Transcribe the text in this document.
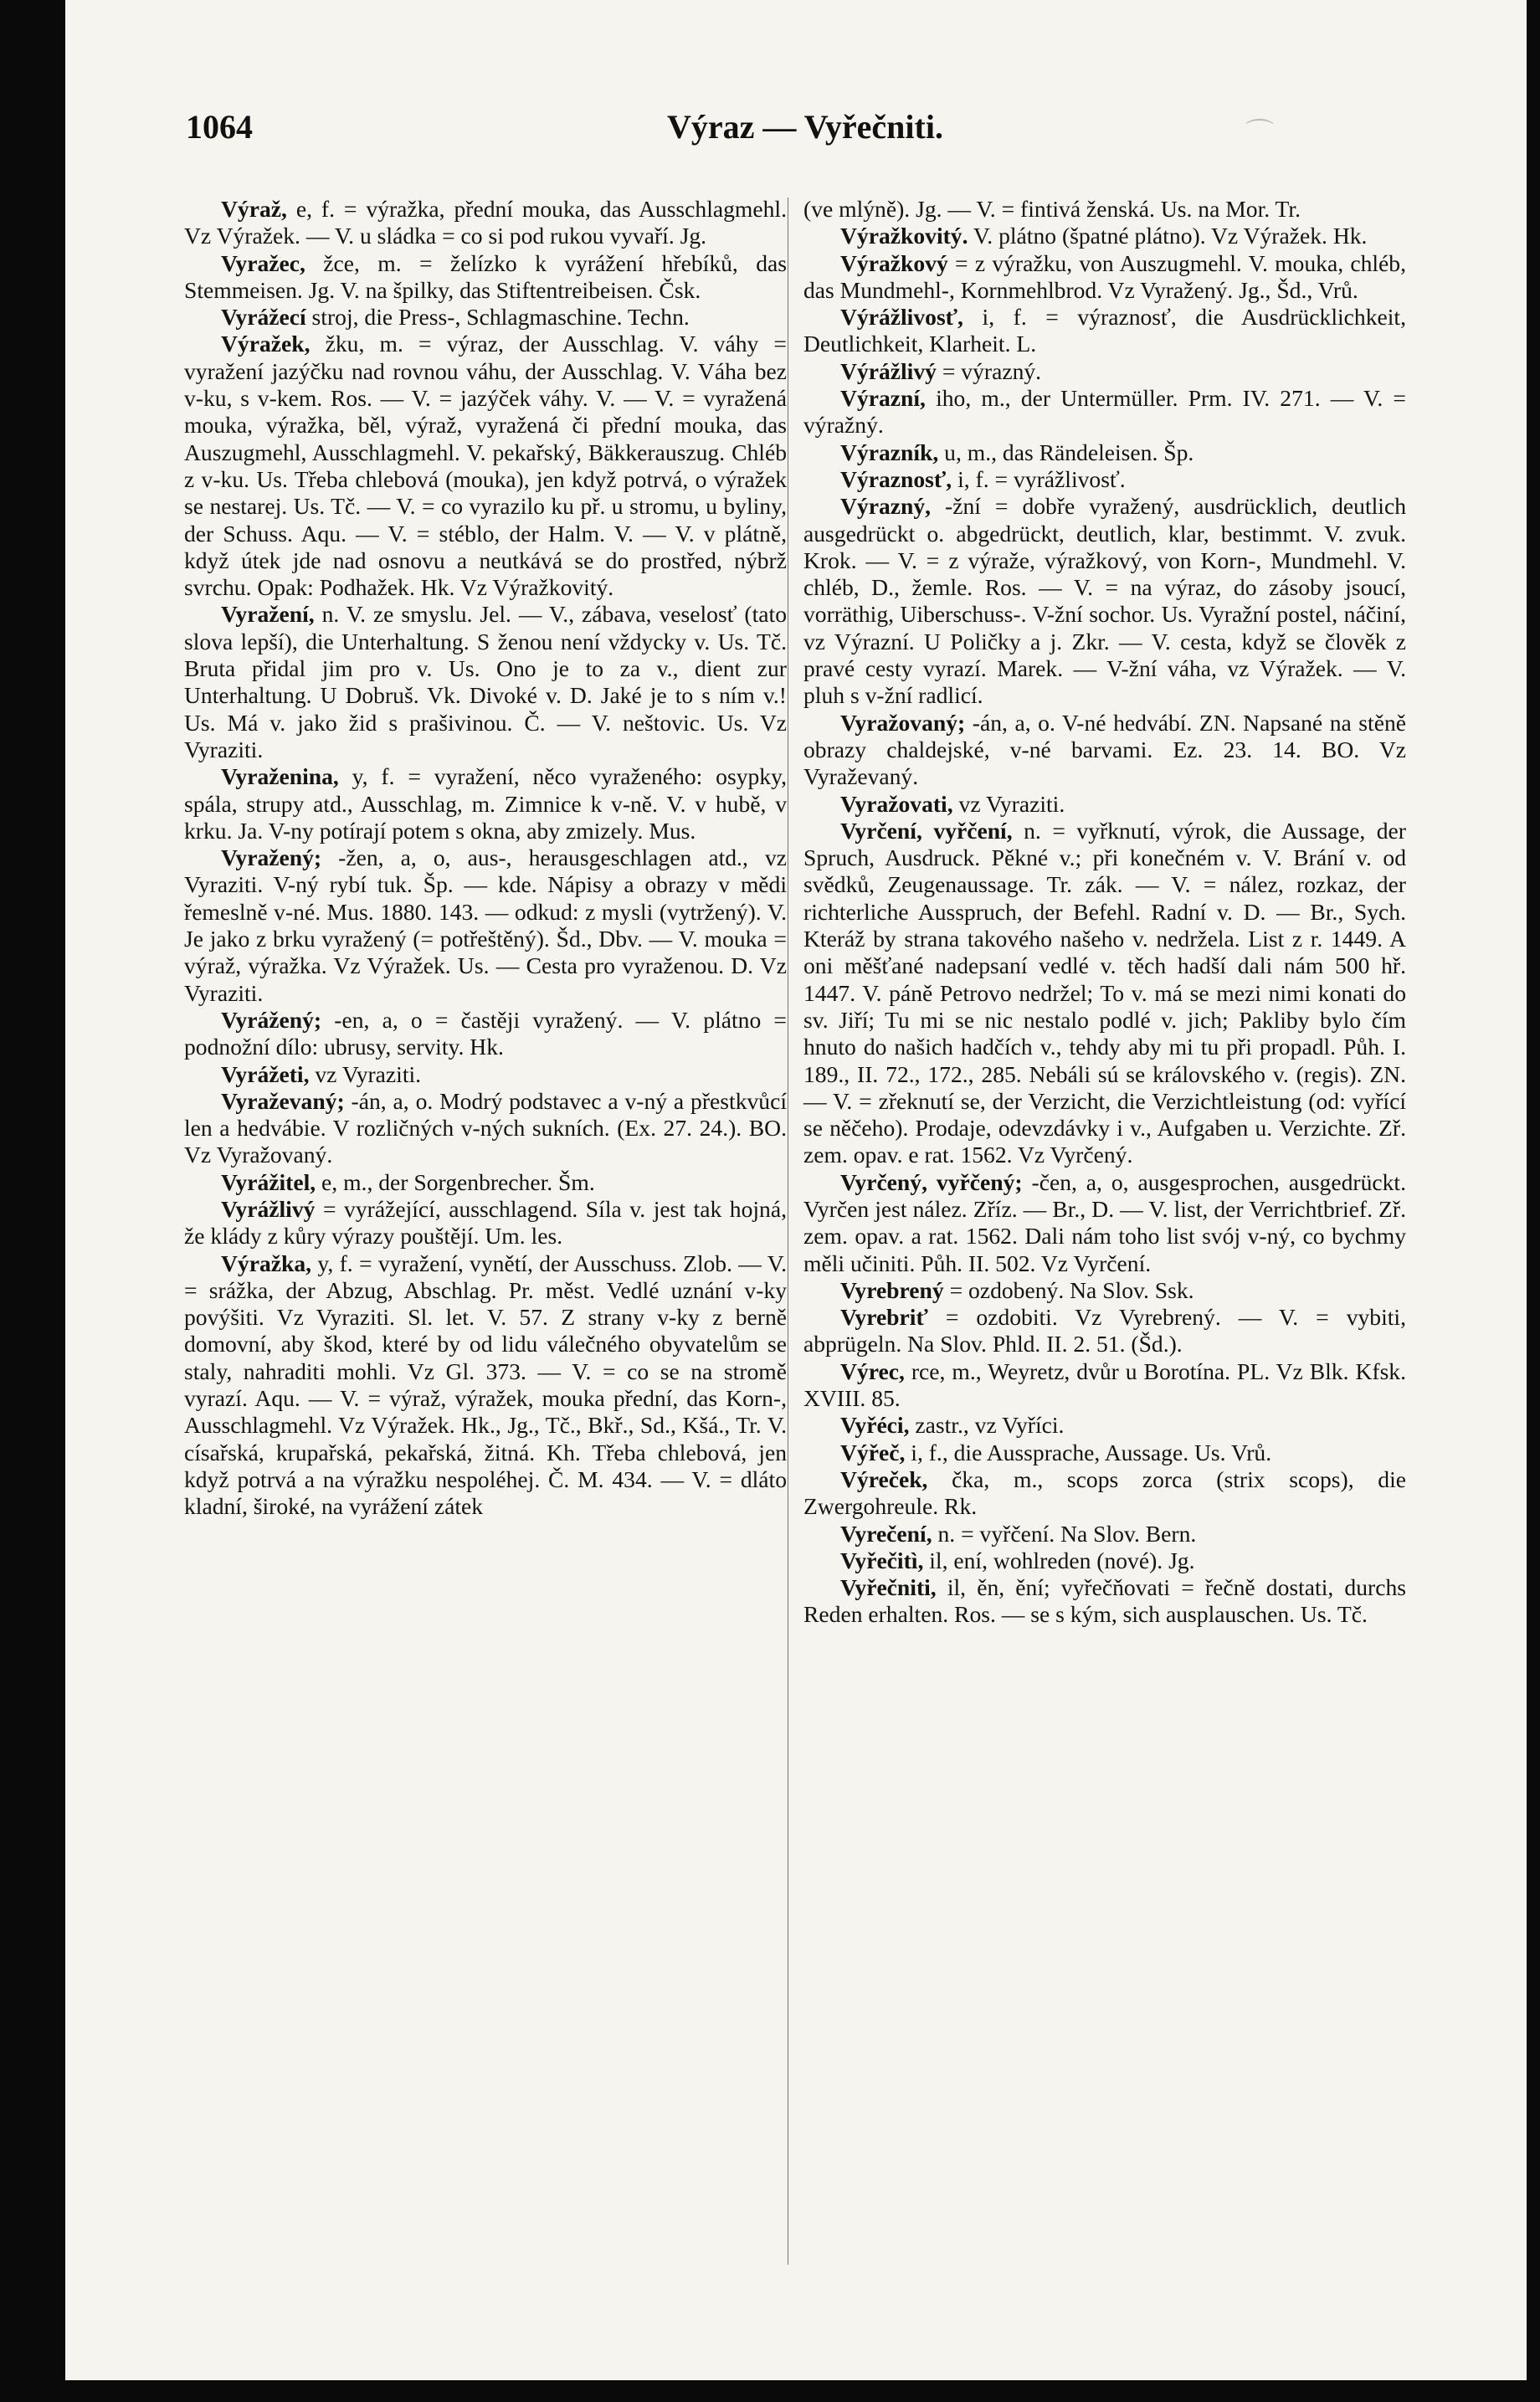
Výraz — Vyřečniti.
1064	⌒

Výraž, e, f. = výražka, přední mouka, das Ausschlagmehl. Vz Výražek. — V. u sládka = co si pod rukou vyvaří. Jg.

Vyražec, žce, m. = želízko k vyrážení hřebíků, das Stemmeisen. Jg. V. na špilky, das Stiftentreibeisen. Čsk.

Vyrážecí stroj, die Press-, Schlagmaschine. Techn.

Výražek, žku, m. = výraz, der Ausschlag. V. váhy = vyražení jazýčku nad rovnou váhu, der Ausschlag. V. Váha bez v-ku, s v-kem. Ros. — V. = jazýček váhy. V. — V. = vyražená mouka, výražka, běl, výraž, vyražená či přední mouka, das Auszugmehl, Ausschlagmehl. V. pekařský, Bäkkerauszug. Chléb z v-ku. Us. Třeba chlebová (mouka), jen když potrvá, o výražek se nestarej. Us. Tč. — V. = co vyrazilo ku př. u stromu, u byliny, der Schuss. Aqu. — V. = stéblo, der Halm. V. — V. v plátně, když útek jde nad osnovu a neutkává se do prostřed, nýbrž svrchu. Opak: Podhažek. Hk. Vz Výražkovitý.

Vyražení, n. V. ze smyslu. Jel. — V., zábava, veselosť (tato slova lepší), die Unterhaltung. S ženou není vždycky v. Us. Tč. Bruta přidal jim pro v. Us. Ono je to za v., dient zur Unterhaltung. U Dobruš. Vk. Divoké v. D. Jaké je to s ním v.! Us. Má v. jako žid s prašivinou. Č. — V. neštovic. Us. Vz Vyraziti.

Vyraženina, y, f. = vyražení, něco vyraženého: osypky, spála, strupy atd., Ausschlag, m. Zimnice k v-ně. V. v hubě, v krku. Ja. V-ny potírají potem s okna, aby zmizely. Mus.

Vyražený; -žen, a, o, aus-, herausgeschlagen atd., vz Vyraziti. V-ný rybí tuk. Šp. — kde. Nápisy a obrazy v mědi řemeslně v-né. Mus. 1880. 143. — odkud: z mysli (vytržený). V. Je jako z brku vyražený (= potřeštěný). Šd., Dbv. — V. mouka = výraž, výražka. Vz Výražek. Us. — Cesta pro vyraženou. D. Vz Vyraziti.

Vyrážený; -en, a, o = častěji vyražený. — V. plátno = podnožní dílo: ubrusy, servity. Hk.

Vyrážeti, vz Vyraziti.

Vyraževaný; -án, a, o. Modrý podstavec a v-ný a přestkvůcí len a hedvábie. V rozličných v-ných sukních. (Ex. 27. 24.). BO. Vz Vyražovaný.

Vyrážitel, e, m., der Sorgenbrecher. Šm.

Vyrážlivý = vyrážející, ausschlagend. Síla v. jest tak hojná, že klády z kůry výrazy pouštějí. Um. les.

Výražka, y, f. = vyražení, vynětí, der Ausschuss. Zlob. — V. = srážka, der Abzug, Abschlag. Pr. měst. Vedlé uznání v-ky povýšiti. Vz Vyraziti. Sl. let. V. 57. Z strany v-ky z berně domovní, aby škod, které by od lidu válečného obyvatelům se staly, nahraditi mohli. Vz Gl. 373. — V. = co se na stromě vyrazí. Aqu. — V. = výraž, výražek, mouka přední, das Korn-, Ausschlagmehl. Vz Výražek. Hk., Jg., Tč., Bkř., Sd., Kšá., Tr. V. císařská, krupařská, pekařská, žitná. Kh. Třeba chlebová, jen když potrvá a na výražku nespoléhej. Č. M. 434. — V. = dláto kladní, široké, na vyrážení zátek

(ve mlýně). Jg. — V. = fintivá ženská. Us. na Mor. Tr.

Výražkovitý. V. plátno (špatné plátno). Vz Výražek. Hk.

Výražkový = z výražku, von Auszugmehl. V. mouka, chléb, das Mundmehl-, Kornmehlbrod. Vz Vyražený. Jg., Šd., Vrů.

Výrážlivosť, i, f. = výraznosť, die Ausdrücklichkeit, Deutlichkeit, Klarheit. L.

Výrážlivý = výrazný.

Výrazní, iho, m., der Untermüller. Prm. IV. 271. — V. = výražný.

Výrazník, u, m., das Rändeleisen. Šp.

Výraznosť, i, f. = vyrážlivosť.

Výrazný, -žní = dobře vyražený, ausdrücklich, deutlich ausgedrückt o. abgedrückt, deutlich, klar, bestimmt. V. zvuk. Krok. — V. = z výraže, výražkový, von Korn-, Mundmehl. V. chléb, D., žemle. Ros. — V. = na výraz, do zásoby jsoucí, vorräthig, Uiberschuss-. V-žní sochor. Us. Vyražní postel, náčiní, vz Výrazní. U Poličky a j. Zkr. — V. cesta, když se člověk z pravé cesty vyrazí. Marek. — V-žní váha, vz Výražek. — V. pluh s v-žní radlicí.

Vyražovaný; -án, a, o. V-né hedvábí. ZN. Napsané na stěně obrazy chaldejské, v-né barvami. Ez. 23. 14. BO. Vz Vyraževaný.

Vyražovati, vz Vyraziti.

Vyrčení, vyřčení, n. = vyřknutí, výrok, die Aussage, der Spruch, Ausdruck. Pěkné v.; při konečném v. V. Brání v. od svědků, Zeugenaussage. Tr. zák. — V. = nález, rozkaz, der richterliche Ausspruch, der Befehl. Radní v. D. — Br., Sych. Kteráž by strana takového našeho v. nedržela. List z r. 1449. A oni měšťané nadepsaní vedlé v. těch hadší dali nám 500 hř. 1447. V. páně Petrovo nedržel; To v. má se mezi nimi konati do sv. Jiří; Tu mi se nic nestalo podlé v. jich; Pakliby bylo čím hnuto do našich hadčích v., tehdy aby mi tu při propadl. Půh. I. 189., II. 72., 172., 285. Nebáli sú se královského v. (regis). ZN. — V. = zřeknutí se, der Verzicht, die Verzichtleistung (od: vyřící se něčeho). Prodaje, odevzdávky i v., Aufgaben u. Verzichte. Zř. zem. opav. e rat. 1562. Vz Vyrčený.

Vyrčený, vyřčený; -čen, a, o, ausgesprochen, ausgedrückt. Vyrčen jest nález. Zříz. — Br., D. — V. list, der Verrichtbrief. Zř. zem. opav. a rat. 1562. Dali nám toho list svój v-ný, co bychmy měli učiniti. Půh. II. 502. Vz Vyrčení.

Vyrebrený = ozdobený. Na Slov. Ssk.

Vyrebriť = ozdobiti. Vz Vyrebrený. — V. = vybiti, abprügeln. Na Slov. Phld. II. 2. 51. (Šd.).

Výrec, rce, m., Weyretz, dvůr u Borotína. PL. Vz Blk. Kfsk. XVIII. 85.

Vyřéci, zastr., vz Vyříci.

Výřeč, i, f., die Aussprache, Aussage. Us. Vrů.

Výreček, čka, m., scops zorca (strix scops), die Zwergohreule. Rk.

Vyrečení, n. = vyřčení. Na Slov. Bern.

Vyřečitì, il, ení, wohlreden (nové). Jg.

Vyřečniti, il, ěn, ění; vyřečňovati = řečně dostati, durchs Reden erhalten. Ros. — se s kým, sich ausplauschen. Us. Tč.
